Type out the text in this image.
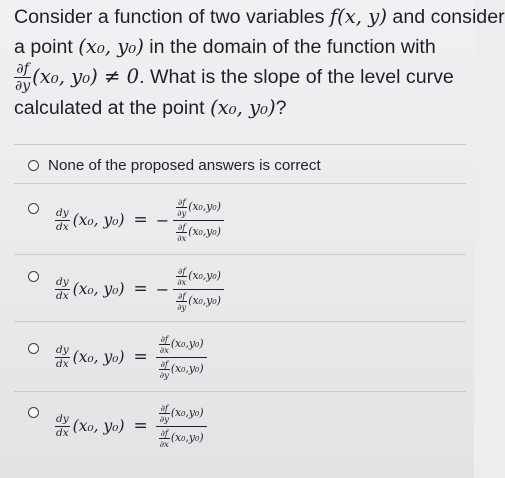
Consider a function of two variables f(x, y) and consider
a point (x₀, y₀) in the domain of the function with
$\frac{\partial f}{\partial y} (x_0$, y₀) ≠ 0. What is the slope of the level curve
calculated at the point (x₀, y₀)?
None of the proposed answers is correct
$\frac{dy}{dx} (x_0$, y₀) = − $\frac{\frac{\partial f}{\partial y} (x_0,y_0)}{\frac{\partial f}{\partial x} (x_0,y_0)}$
$\frac{dy}{dx} (x_0$, y₀) = − $\frac{\frac{\partial f}{\partial x} (x_0,y_0)}{\frac{\partial f}{\partial y} (x_0,y_0)}$
$\frac{dy}{dx} (x_0$, $y_0) = \frac{\frac{\partial f}{\partial x} (x_0,y_0)}{\frac{\partial f}{\partial y} (x_0,y_0)}$
$\frac{dy}{dx} (x_0$, $y_0) = \frac{\frac{\partial f}{\partial y} (x_0,y_0)}{\frac{\partial f}{\partial x} (x_0,y_0)}$
